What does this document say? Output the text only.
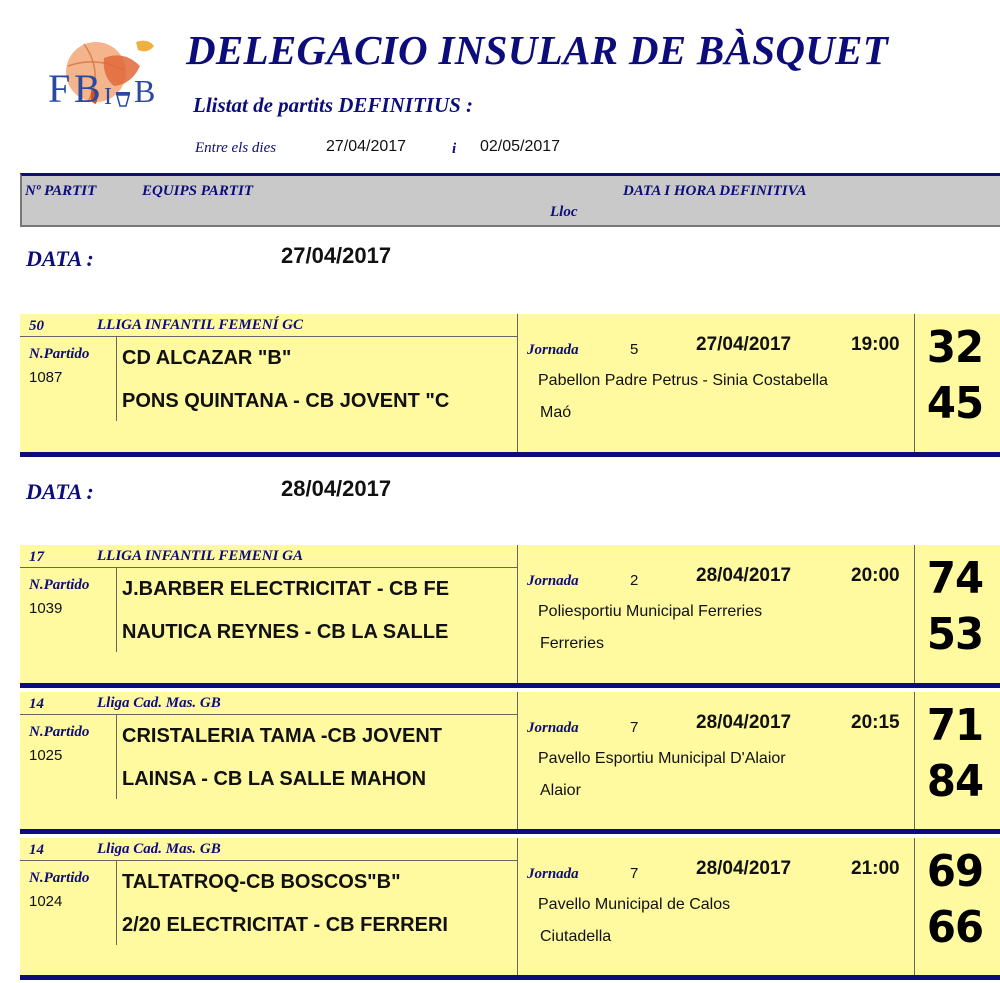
F B I B
DELEGACIO INSULAR DE BÀSQUET
Llistat de partits DEFINITIUS :
Entre els dies	27/04/2017	i 02/05/2017
Nº PARTIT	EQUIPS PARTIT	DATA I HORA DEFINITIVA
Lloc
DATA :	27/04/2017
50	LLIGA INFANTIL FEMENÍ GC
N.Partido
1087
CD ALCAZAR "B"
PONS QUINTANA - CB JOVENT "C
Jornada	5	27/04/2017	19:00
Pabellon Padre Petrus - Sinia Costabella
Maó
32
45
DATA :	28/04/2017
17	LLIGA INFANTIL FEMENI GA
N.Partido
1039
J.BARBER ELECTRICITAT - CB FE
NAUTICA REYNES - CB LA SALLE
Jornada	2	28/04/2017	20:00
Poliesportiu Municipal Ferreries
Ferreries
74
53
14	Lliga Cad. Mas. GB
N.Partido
1025
CRISTALERIA TAMA -CB JOVENT
LAINSA - CB LA SALLE MAHON
Jornada	7	28/04/2017	20:15
Pavello Esportiu Municipal D'Alaior
Alaior
71
84
14	Lliga Cad. Mas. GB
N.Partido
1024
TALTATROQ-CB BOSCOS"B"
2/20 ELECTRICITAT - CB FERRERI
Jornada	7	28/04/2017	21:00
Pavello Municipal de Calos
Ciutadella
69
66
